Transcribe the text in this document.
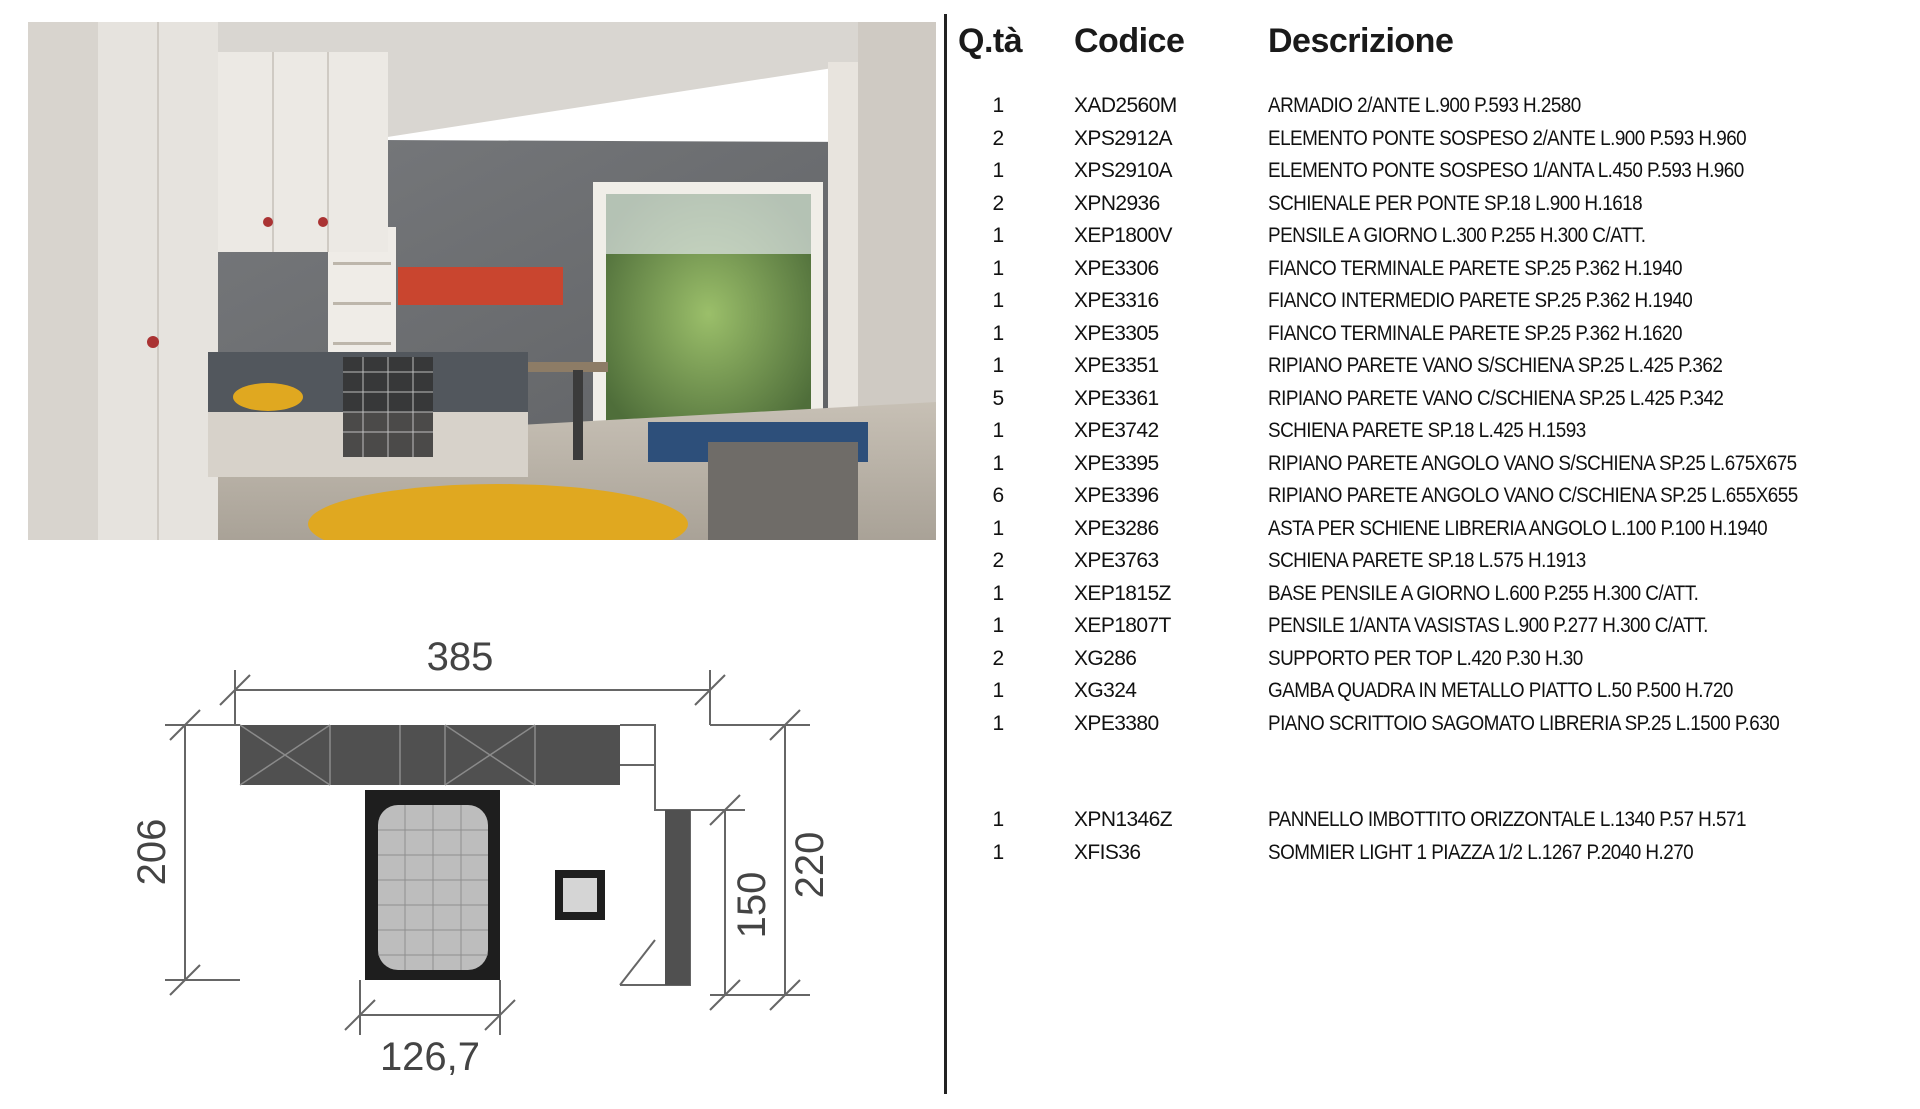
385
206	220
150
126,7
Q.tà Codice Descrizione
1	XAD2560M	ARMADIO 2/ANTE L.900 P.593 H.2580
2	XPS2912A	ELEMENTO PONTE SOSPESO 2/ANTE L.900 P.593 H.960
1	XPS2910A	ELEMENTO PONTE SOSPESO 1/ANTA L.450 P.593 H.960
2	XPN2936	SCHIENALE PER PONTE SP.18 L.900 H.1618
1	XEP1800V	PENSILE A GIORNO L.300 P.255 H.300 C/ATT.
1	XPE3306	FIANCO TERMINALE PARETE SP.25 P.362 H.1940
1	XPE3316	FIANCO INTERMEDIO PARETE SP.25 P.362 H.1940
1	XPE3305	FIANCO TERMINALE PARETE SP.25 P.362 H.1620
1	XPE3351	RIPIANO PARETE VANO S/SCHIENA SP.25 L.425 P.362
5	XPE3361	RIPIANO PARETE VANO C/SCHIENA SP.25 L.425 P.342
1	XPE3742	SCHIENA PARETE SP.18 L.425 H.1593
1	XPE3395	RIPIANO PARETE ANGOLO VANO S/SCHIENA SP.25 L.675X675
6	XPE3396	RIPIANO PARETE ANGOLO VANO C/SCHIENA SP.25 L.655X655
1	XPE3286	ASTA PER SCHIENE LIBRERIA ANGOLO L.100 P.100 H.1940
2	XPE3763	SCHIENA PARETE SP.18 L.575 H.1913
1	XEP1815Z	BASE PENSILE A GIORNO L.600 P.255 H.300 C/ATT.
1	XEP1807T	PENSILE 1/ANTA VASISTAS L.900 P.277 H.300 C/ATT.
2	XG286	SUPPORTO PER TOP L.420 P.30 H.30
1	XG324	GAMBA QUADRA IN METALLO PIATTO L.50 P.500 H.720
1	XPE3380	PIANO SCRITTOIO SAGOMATO LIBRERIA SP.25 L.1500 P.630
1	XPN1346Z	PANNELLO IMBOTTITO ORIZZONTALE L.1340 P.57 H.571
1	XFIS36	SOMMIER LIGHT 1 PIAZZA 1/2 L.1267 P.2040 H.270
